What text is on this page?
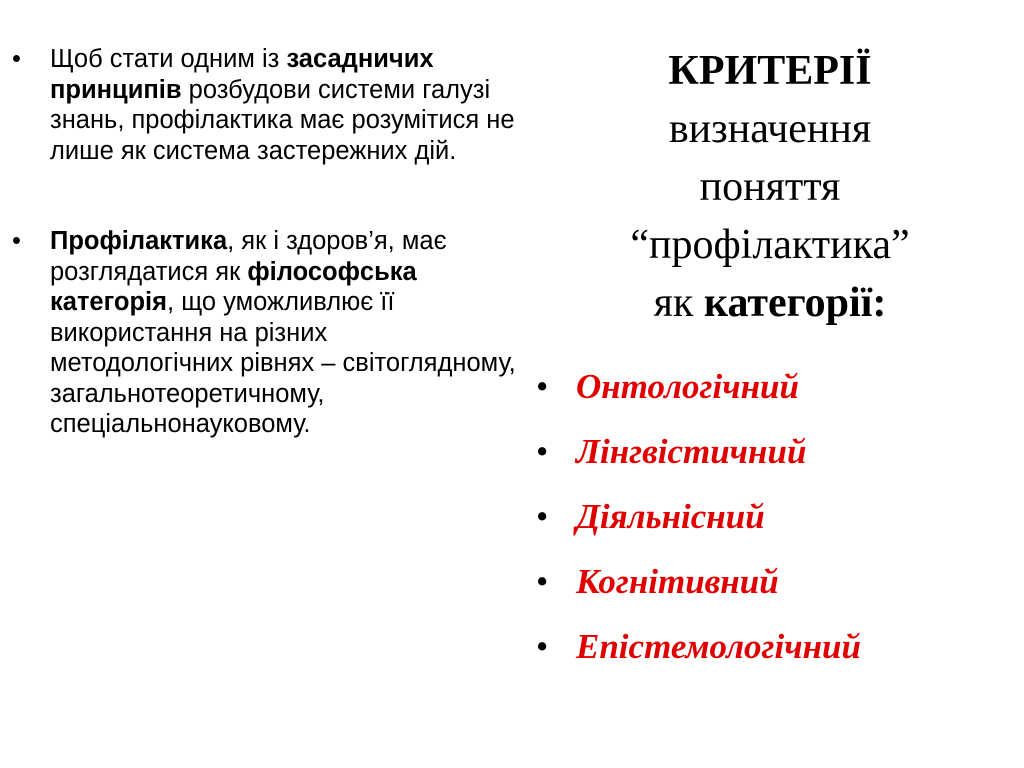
•	Щоб стати одним із засадничих принципів розбудови системи галузі знань, профілактика має розумітися не лише як система застережних дій.
•	Профілактика, як і здоров’я, має розглядатися як філософська категорія, що уможливлює її використання на різних методологічних рівнях – світоглядному, загальнотеоретичному, спеціальнонауковому.
КРИТЕРІЇ
визначення
поняття
“профілактика”
як категорії:
• Онтологічний
• Лінгвістичний
• Діяльнісний
• Когнітивний
• Епістемологічний
